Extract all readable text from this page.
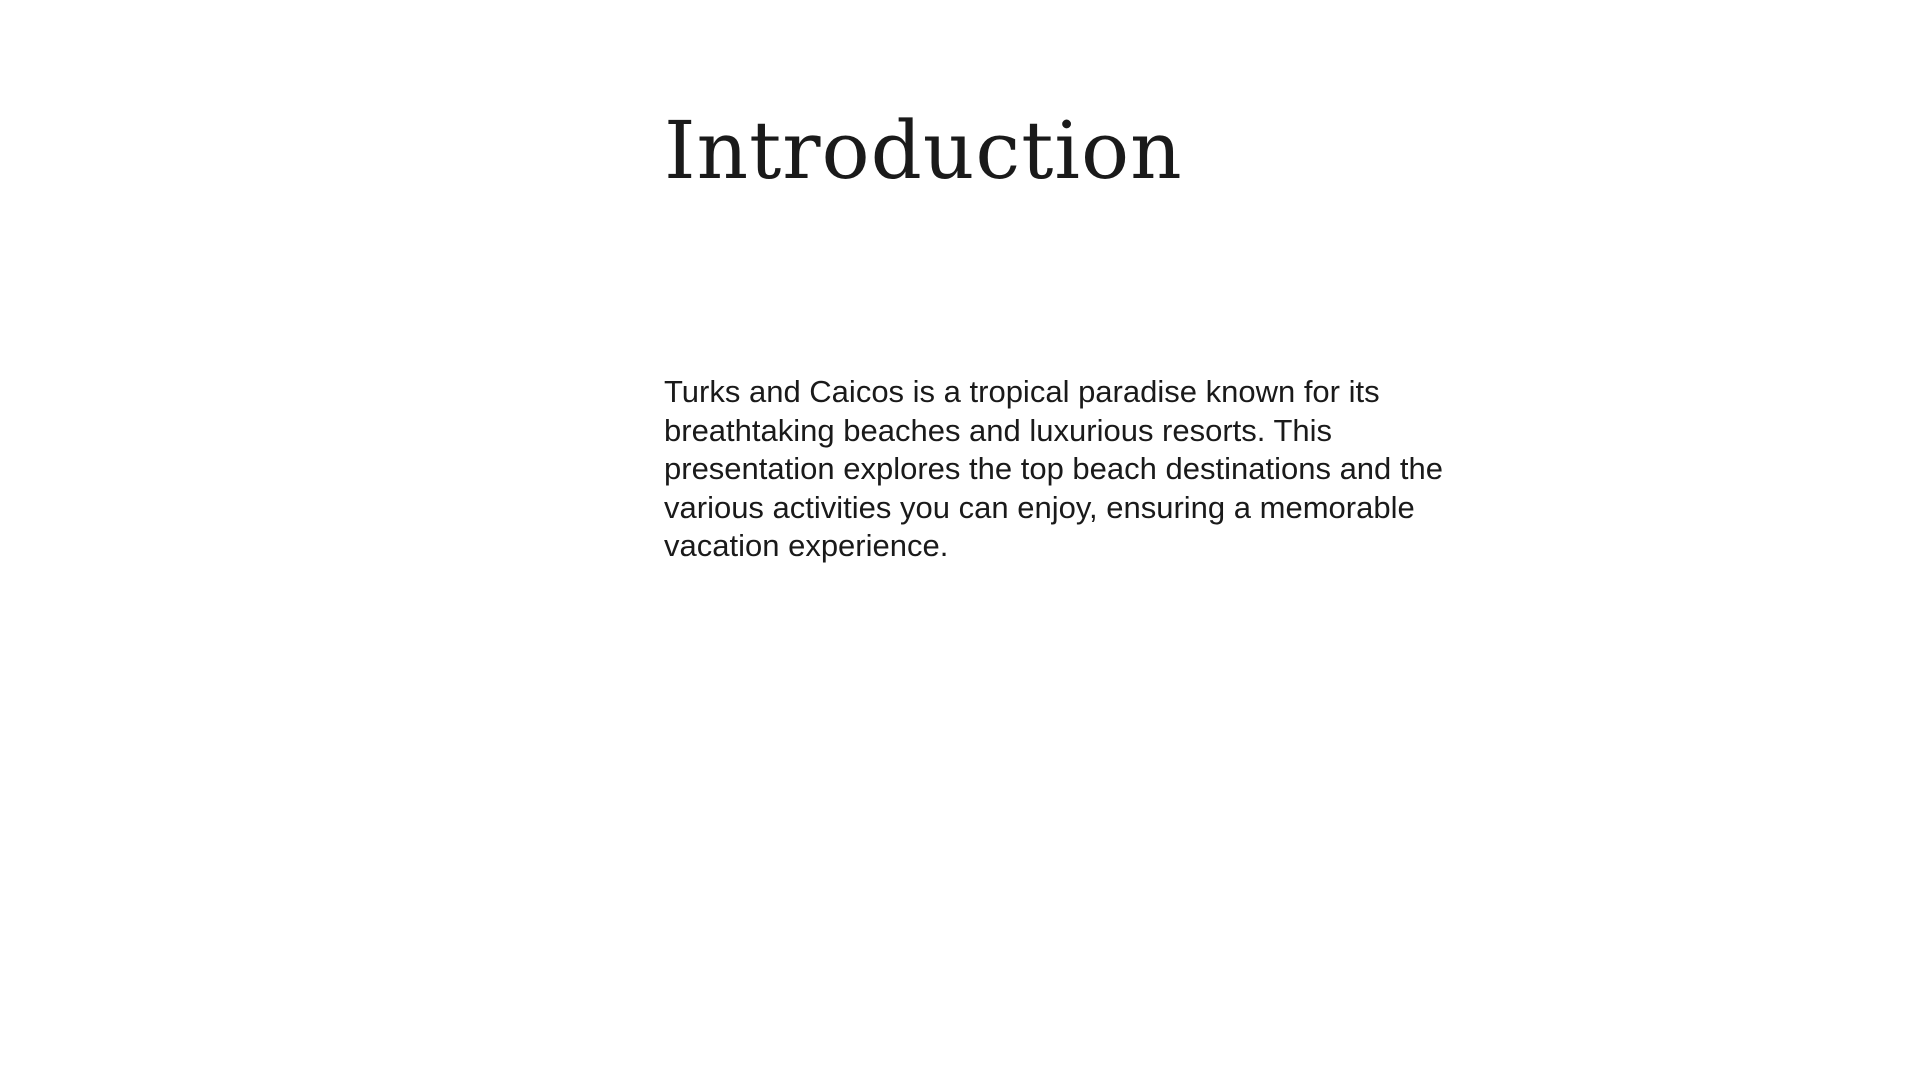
Introduction

Turks and Caicos is a tropical paradise known for its breathtaking beaches and luxurious resorts. This presentation explores the top beach destinations and the various activities you can enjoy, ensuring a memorable vacation experience.
